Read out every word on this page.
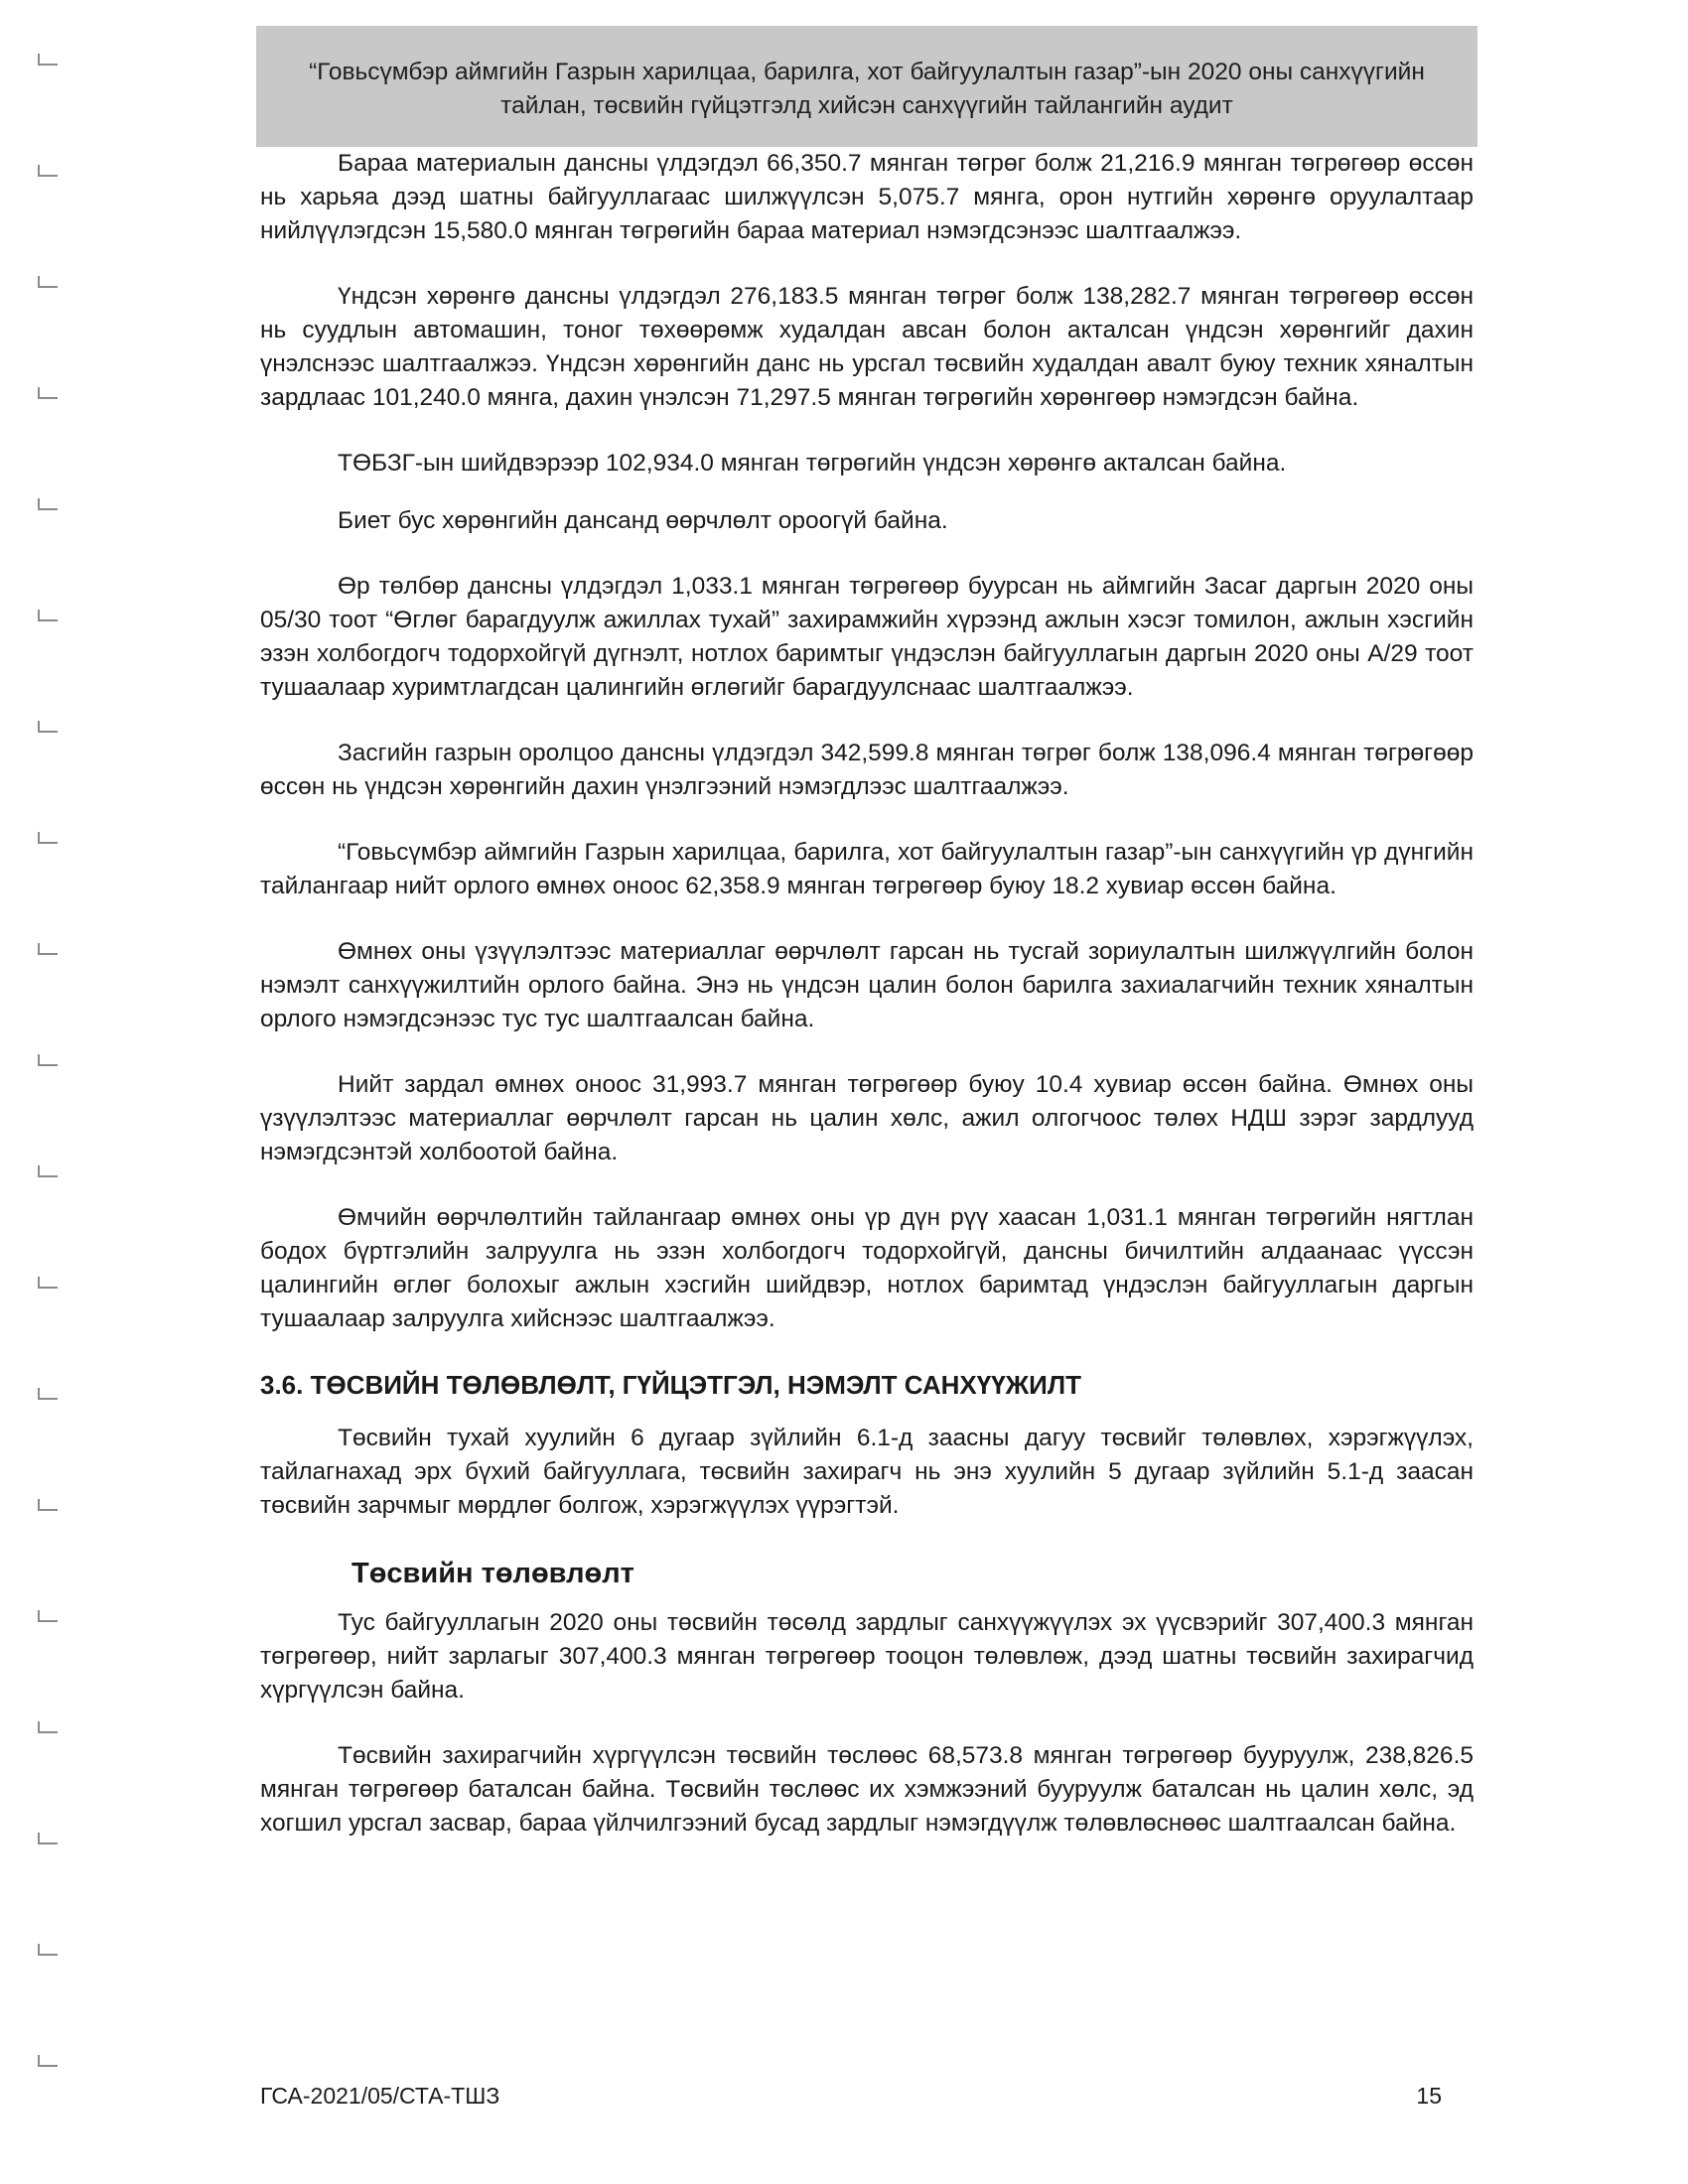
“Говьсүмбэр аймгийн Газрын харилцаа, барилга, хот байгуулалтын газар”-ын 2020 оны санхүүгийн
тайлан, төсвийн гүйцэтгэлд хийсэн санхүүгийн тайлангийн аудит

Бараа материалын дансны үлдэгдэл 66,350.7 мянган төгрөг болж 21,216.9 мянган төгрөгөөр өссөн нь харьяа дээд шатны байгууллагаас шилжүүлсэн 5,075.7 мянга, орон нутгийн хөрөнгө оруулалтаар нийлүүлэгдсэн 15,580.0 мянган төгрөгийн бараа материал нэмэгдсэнээс шалтгаалжээ.

Үндсэн хөрөнгө дансны үлдэгдэл 276,183.5 мянган төгрөг болж 138,282.7 мянган төгрөгөөр өссөн нь суудлын автомашин, тоног төхөөрөмж худалдан авсан болон акталсан үндсэн хөрөнгийг дахин үнэлснээс шалтгаалжээ. Үндсэн хөрөнгийн данс нь урсгал төсвийн худалдан авалт буюу техник хяналтын зардлаас 101,240.0 мянга, дахин үнэлсэн 71,297.5 мянган төгрөгийн хөрөнгөөр нэмэгдсэн байна.

ТӨБЗГ-ын шийдвэрээр 102,934.0 мянган төгрөгийн үндсэн хөрөнгө акталсан байна.

Биет бус хөрөнгийн дансанд өөрчлөлт ороогүй байна.

Өр төлбөр дансны үлдэгдэл 1,033.1 мянган төгрөгөөр буурсан нь аймгийн Засаг даргын 2020 оны 05/30 тоот “Өглөг барагдуулж ажиллах тухай” захирамжийн хүрээнд ажлын хэсэг томилон, ажлын хэсгийн эзэн холбогдогч тодорхойгүй дүгнэлт, нотлох баримтыг үндэслэн байгууллагын даргын 2020 оны А/29 тоот тушаалаар хуримтлагдсан цалингийн өглөгийг барагдуулснаас шалтгаалжээ.

Засгийн газрын оролцоо дансны үлдэгдэл 342,599.8 мянган төгрөг болж 138,096.4 мянган төгрөгөөр өссөн нь үндсэн хөрөнгийн дахин үнэлгээний нэмэгдлээс шалтгаалжээ.

“Говьсүмбэр аймгийн Газрын харилцаа, барилга, хот байгуулалтын газар”-ын санхүүгийн үр дүнгийн тайлангаар нийт орлого өмнөх оноос 62,358.9 мянган төгрөгөөр буюу 18.2 хувиар өссөн байна.

Өмнөх оны үзүүлэлтээс материаллаг өөрчлөлт гарсан нь тусгай зориулалтын шилжүүлгийн болон нэмэлт санхүүжилтийн орлого байна. Энэ нь үндсэн цалин болон барилга захиалагчийн техник хяналтын орлого нэмэгдсэнээс тус тус шалтгаалсан байна.

Нийт зардал өмнөх оноос 31,993.7 мянган төгрөгөөр буюу 10.4 хувиар өссөн байна. Өмнөх оны үзүүлэлтээс материаллаг өөрчлөлт гарсан нь цалин хөлс, ажил олгогчоос төлөх НДШ зэрэг зардлууд нэмэгдсэнтэй холбоотой байна.

Өмчийн өөрчлөлтийн тайлангаар өмнөх оны үр дүн рүү хаасан 1,031.1 мянган төгрөгийн нягтлан бодох бүртгэлийн залруулга нь эзэн холбогдогч тодорхойгүй, дансны бичилтийн алдаанаас үүссэн цалингийн өглөг болохыг ажлын хэсгийн шийдвэр, нотлох баримтад үндэслэн байгууллагын даргын тушаалаар залруулга хийснээс шалтгаалжээ.

3.6. ТӨСВИЙН ТӨЛӨВЛӨЛТ, ГҮЙЦЭТГЭЛ, НЭМЭЛТ САНХҮҮЖИЛТ

Төсвийн тухай хуулийн 6 дугаар зүйлийн 6.1-д заасны дагуу төсвийг төлөвлөх, хэрэгжүүлэх, тайлагнахад эрх бүхий байгууллага, төсвийн захирагч нь энэ хуулийн 5 дугаар зүйлийн 5.1-д заасан төсвийн зарчмыг мөрдлөг болгож, хэрэгжүүлэх үүрэгтэй.

Төсвийн төлөвлөлт

Тус байгууллагын 2020 оны төсвийн төсөлд зардлыг санхүүжүүлэх эх үүсвэрийг 307,400.3 мянган төгрөгөөр, нийт зарлагыг 307,400.3 мянган төгрөгөөр тооцон төлөвлөж, дээд шатны төсвийн захирагчид хүргүүлсэн байна.

Төсвийн захирагчийн хүргүүлсэн төсвийн төслөөс 68,573.8 мянган төгрөгөөр бууруулж, 238,826.5 мянган төгрөгөөр баталсан байна. Төсвийн төслөөс их хэмжээний бууруулж баталсан нь цалин хөлс, эд хогшил урсгал засвар, бараа үйлчилгээний бусад зардлыг нэмэгдүүлж төлөвлөснөөс шалтгаалсан байна.

ГСА-2021/05/СТА-ТШЗ	15
